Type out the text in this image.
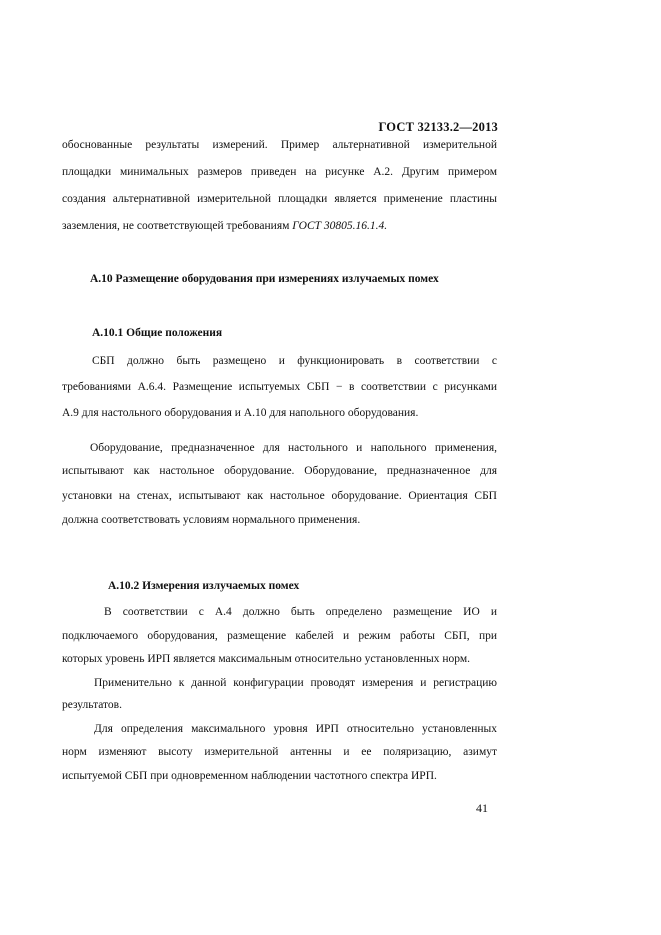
ГОСТ 32133.2—2013
обоснованные результаты измерений. Пример альтернативной измерительной
площадки минимальных размеров приведен на рисунке А.2. Другим примером
создания альтернативной измерительной площадки является применение пластины
заземления, не соответствующей требованиям ГОСТ 30805.16.1.4.
А.10 Размещение оборудования при измерениях излучаемых помех
А.10.1 Общие положения
СБП должно быть размещено и функционировать в соответствии с
требованиями А.6.4. Размещение испытуемых СБП − в соответствии с рисунками
А.9 для настольного оборудования и А.10 для напольного оборудования.
Оборудование, предназначенное для настольного и напольного применения,
испытывают как настольное оборудование. Оборудование, предназначенное для
установки на стенах, испытывают как настольное оборудование. Ориентация СБП
должна соответствовать условиям нормального применения.
А.10.2 Измерения излучаемых помех
В соответствии с А.4 должно быть определено размещение ИО и
подключаемого оборудования, размещение кабелей и режим работы СБП, при
которых уровень ИРП является максимальным относительно установленных норм.
Применительно к данной конфигурации проводят измерения и регистрацию
результатов.
Для определения максимального уровня ИРП относительно установленных
норм изменяют высоту измерительной антенны и ее поляризацию, азимут
испытуемой СБП при одновременном наблюдении частотного спектра ИРП.
41
